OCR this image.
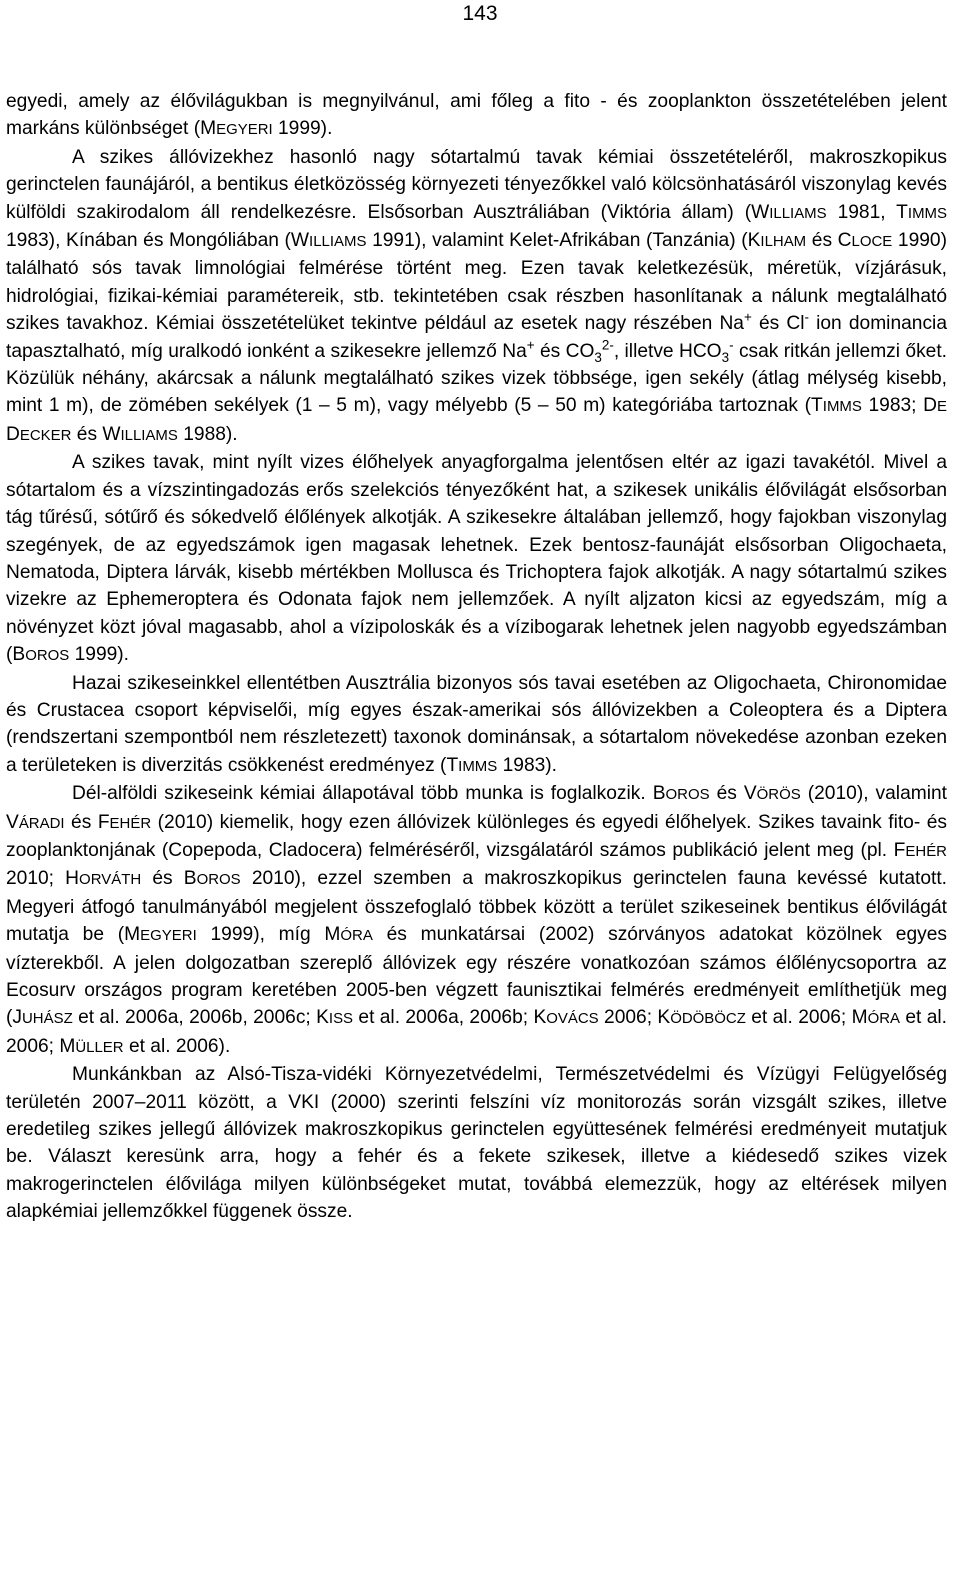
143

egyedi, amely az élővilágukban is megnyilvánul, ami főleg a fito - és zooplankton összetételében jelent markáns különbséget (MEGYERI 1999).

A szikes állóvizekhez hasonló nagy sótartalmú tavak kémiai összetételéről, makroszkopikus gerinctelen faunájáról, a bentikus életközösség környezeti tényezőkkel való kölcsönhatásáról viszonylag kevés külföldi szakirodalom áll rendelkezésre. Elsősorban Ausztráliában (Viktória állam) (WILLIAMS 1981, TIMMS 1983), Kínában és Mongóliában (WILLIAMS 1991), valamint Kelet-Afrikában (Tanzánia) (KILHAM és CLOCE 1990) található sós tavak limnológiai felmérése történt meg. Ezen tavak keletkezésük, méretük, vízjárásuk, hidrológiai, fizikai-kémiai paramétereik, stb. tekintetében csak részben hasonlítanak a nálunk megtalálható szikes tavakhoz. Kémiai összetételüket tekintve például az esetek nagy részében Na+ és Cl- ion dominancia tapasztalható, míg uralkodó ionként a szikesekre jellemző Na+ és $CO_3^{2-}$, illetve $HCO_3^-$ csak ritkán jellemzi őket. Közülük néhány, akárcsak a nálunk megtalálható szikes vizek többsége, igen sekély (átlag mélység kisebb, mint 1 m), de zömében sekélyek (1 – 5 m), vagy mélyebb (5 – 50 m) kategóriába tartoznak (TIMMS 1983; DE DECKER és WILLIAMS 1988).

A szikes tavak, mint nyílt vizes élőhelyek anyagforgalma jelentősen eltér az igazi tavakétól. Mivel a sótartalom és a vízszintingadozás erős szelekciós tényezőként hat, a szikesek unikális élővilágát elsősorban tág tűrésű, sótűrő és sókedvelő élőlények alkotják. A szikesekre általában jellemző, hogy fajokban viszonylag szegények, de az egyedszámok igen magasak lehetnek. Ezek bentosz-faunáját elsősorban Oligochaeta, Nematoda, Diptera lárvák, kisebb mértékben Mollusca és Trichoptera fajok alkotják. A nagy sótartalmú szikes vizekre az Ephemeroptera és Odonata fajok nem jellemzőek. A nyílt aljzaton kicsi az egyedszám, míg a növényzet közt jóval magasabb, ahol a vízipoloskák és a vízibogarak lehetnek jelen nagyobb egyedszámban (BOROS 1999).

Hazai szikeseinkkel ellentétben Ausztrália bizonyos sós tavai esetében az Oligochaeta, Chironomidae és Crustacea csoport képviselői, míg egyes észak-amerikai sós állóvizekben a Coleoptera és a Diptera (rendszertani szempontból nem részletezett) taxonok dominánsak, a sótartalom növekedése azonban ezeken a területeken is diverzitás csökkenést eredményez (TIMMS 1983).

Dél-alföldi szikeseink kémiai állapotával több munka is foglalkozik. BOROS és VÖRÖS (2010), valamint VÁRADI és FEHÉR (2010) kiemelik, hogy ezen állóvizek különleges és egyedi élőhelyek. Szikes tavaink fito- és zooplanktonjának (Copepoda, Cladocera) felméréséről, vizsgálatáról számos publikáció jelent meg (pl. FEHÉR 2010; HORVÁTH és BOROS 2010), ezzel szemben a makroszkopikus gerinctelen fauna kevéssé kutatott. Megyeri átfogó tanulmányából megjelent összefoglaló többek között a terület szikeseinek bentikus élővilágát mutatja be (MEGYERI 1999), míg MÓRA és munkatársai (2002) szórványos adatokat közölnek egyes vízterekből. A jelen dolgozatban szereplő állóvizek egy részére vonatkozóan számos élőlénycsoportra az Ecosurv országos program keretében 2005-ben végzett faunisztikai felmérés eredményeit említhetjük meg (JUHÁSZ et al. 2006a, 2006b, 2006c; KISS et al. 2006a, 2006b; KOVÁCS 2006; KÖDÖBÖCZ et al. 2006; MÓRA et al. 2006; MÜLLER et al. 2006).

Munkánkban az Alsó-Tisza-vidéki Környezetvédelmi, Természetvédelmi és Vízügyi Felügyelőség területén 2007–2011 között, a VKI (2000) szerinti felszíni víz monitorozás során vizsgált szikes, illetve eredetileg szikes jellegű állóvizek makroszkopikus gerinctelen együttesének felmérési eredményeit mutatjuk be. Választ keresünk arra, hogy a fehér és a fekete szikesek, illetve a kiédesedő szikes vizek makrogerinctelen élővilága milyen különbségeket mutat, továbbá elemezzük, hogy az eltérések milyen alapkémiai jellemzőkkel függenek össze.
